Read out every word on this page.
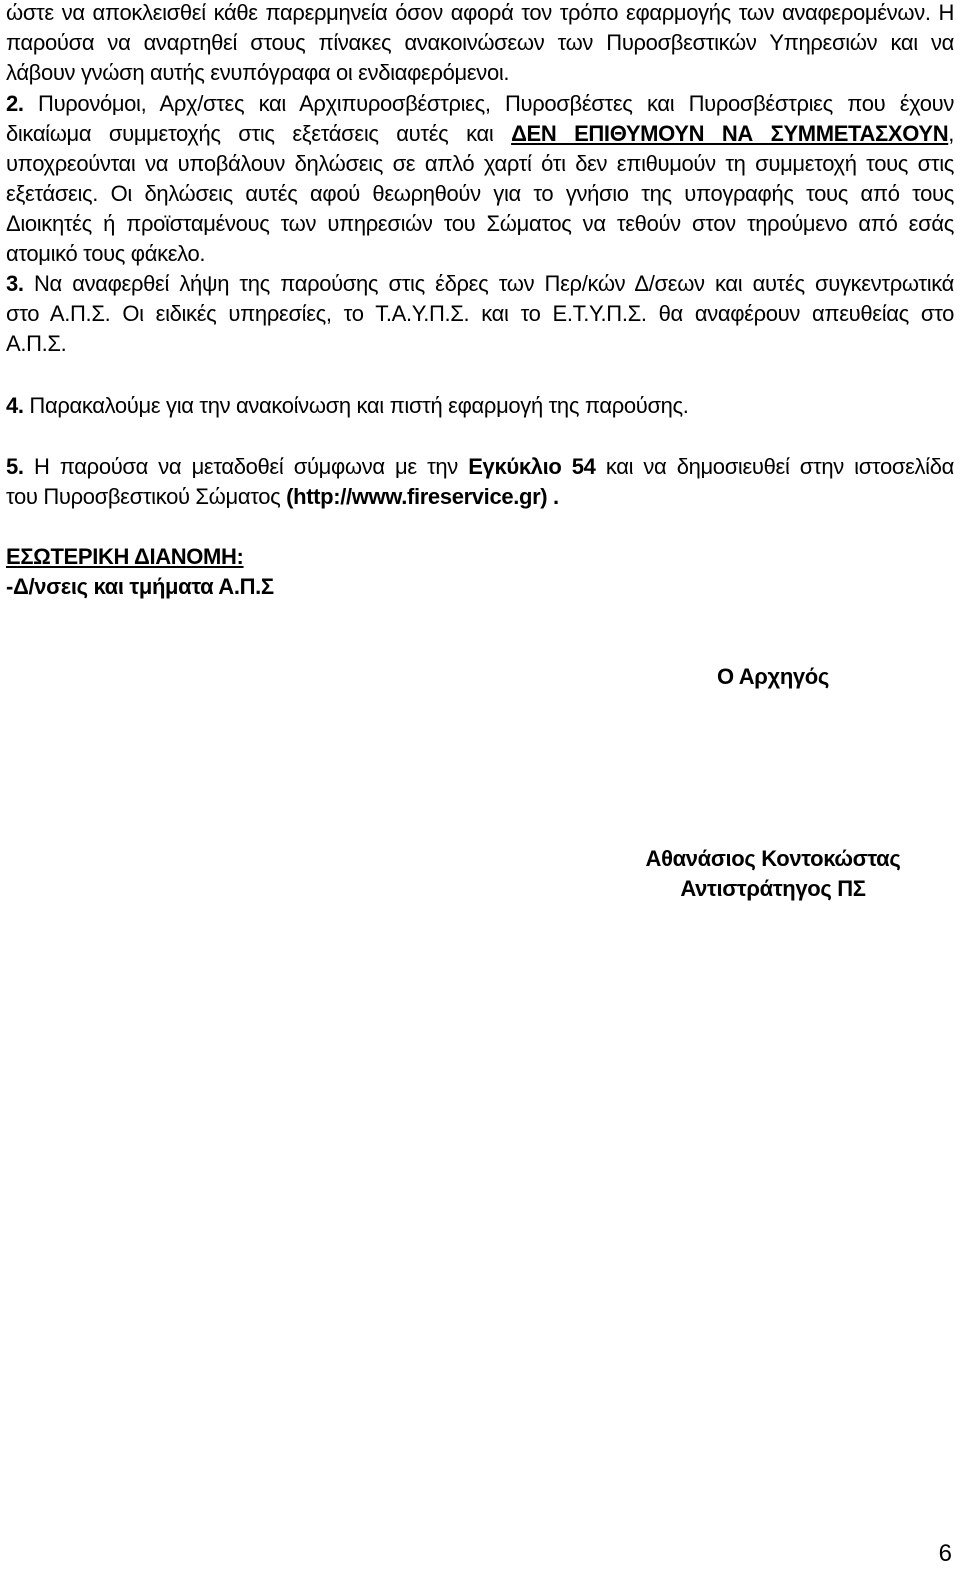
ώστε να αποκλεισθεί κάθε παρερμηνεία όσον αφορά τον τρόπο εφαρμογής των αναφερομένων. Η
παρούσα να αναρτηθεί στους πίνακες ανακοινώσεων των Πυροσβεστικών Υπηρεσιών και να
λάβουν γνώση αυτής ενυπόγραφα οι ενδιαφερόμενοι.
2. Πυρονόμοι, Αρχ/στες και Αρχιπυροσβέστριες, Πυροσβέστες και Πυροσβέστριες που έχουν
δικαίωμα συμμετοχής στις εξετάσεις αυτές και ΔΕΝ ΕΠΙΘΥΜΟΥΝ ΝΑ ΣΥΜΜΕΤΑΣΧΟΥΝ,
υποχρεούνται να υποβάλουν δηλώσεις σε απλό χαρτί ότι δεν επιθυμούν τη συμμετοχή τους στις
εξετάσεις. Οι δηλώσεις αυτές αφού θεωρηθούν για το γνήσιο της υπογραφής τους από τους
Διοικητές ή προϊσταμένους των υπηρεσιών του Σώματος να τεθούν στον τηρούμενο από εσάς
ατομικό τους φάκελο.
3. Να αναφερθεί λήψη της παρούσης στις έδρες των Περ/κών Δ/σεων και αυτές συγκεντρωτικά
στο Α.Π.Σ. Οι ειδικές υπηρεσίες, το Τ.Α.Υ.Π.Σ. και το Ε.Τ.Υ.Π.Σ. θα αναφέρουν απευθείας στο
Α.Π.Σ.
4. Παρακαλούμε για την ανακοίνωση και πιστή εφαρμογή της παρούσης.
5. Η παρούσα να μεταδοθεί σύμφωνα με την Εγκύκλιο 54 και να δημοσιευθεί στην ιστοσελίδα
του Πυροσβεστικού Σώματος (http://www.fireservice.gr) .
ΕΣΩΤΕΡΙΚΗ ΔΙΑΝΟΜΗ:
-Δ/νσεις και τμήματα Α.Π.Σ
Ο Αρχηγός
Αθανάσιος Κοντοκώστας
Αντιστράτηγος ΠΣ
6
